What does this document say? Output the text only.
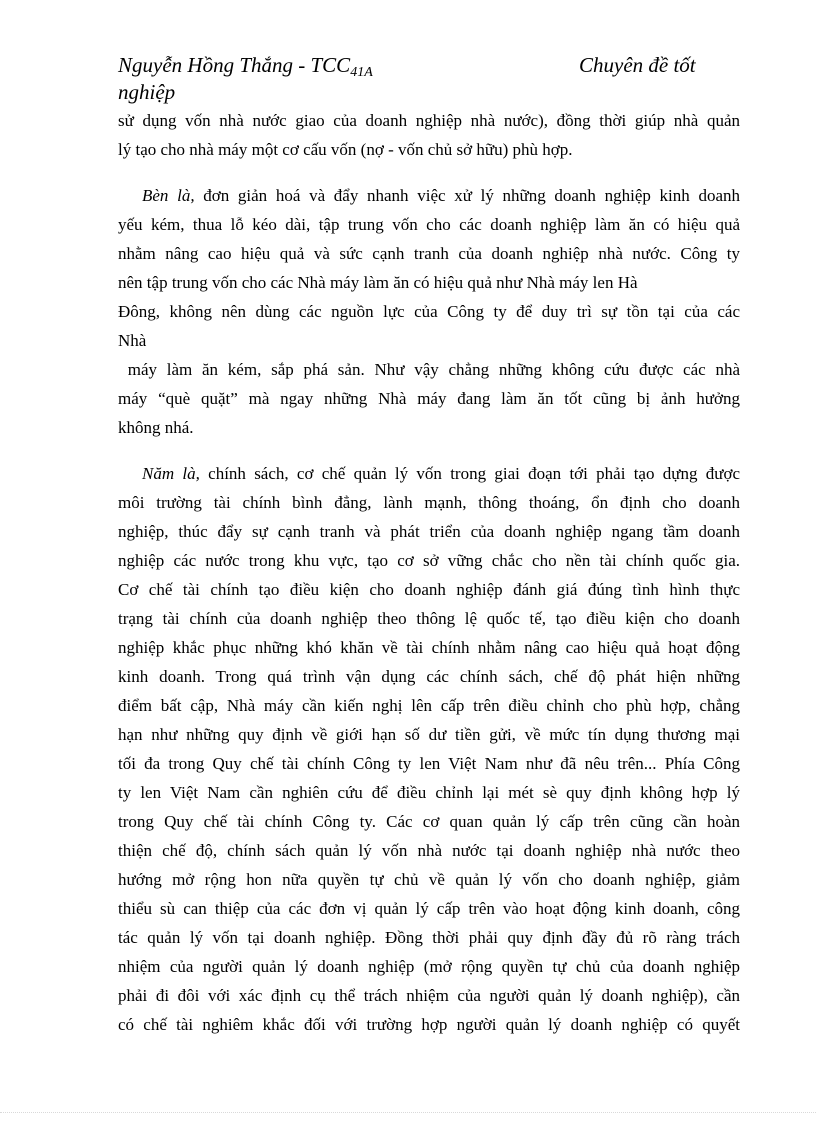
Nguyễn Hồng Thắng - $TCC_{41A}$	Chuyên đề tốt
nghiệp
sử dụng vốn nhà nước giao của doanh nghiệp nhà nước), đồng thời giúp nhà quản
lý tạo cho nhà máy một cơ cấu vốn (nợ - vốn chủ sở hữu) phù hợp.
Bèn là, đơn giản hoá và đẩy nhanh việc xử lý những doanh nghiệp kinh doanh
yếu kém, thua lỗ kéo dài, tập trung vốn cho các doanh nghiệp làm ăn có hiệu quả
nhằm nâng cao hiệu quả và sức cạnh tranh của doanh nghiệp nhà nước. Công ty
nên tập trung vốn cho các Nhà máy làm ăn có hiệu quả như Nhà máy len Hà
Đông, không nên dùng các nguồn lực của Công ty để duy trì sự tồn tại của các
Nhà
máy làm ăn kém, sắp phá sản. Như vậy chẳng những không cứu được các nhà
máy “què quặt” mà ngay những Nhà máy đang làm ăn tốt cũng bị ảnh hưởng
không nhá.
Năm là, chính sách, cơ chế quản lý vốn trong giai đoạn tới phải tạo dựng được
môi trường tài chính bình đẳng, lành mạnh, thông thoáng, ổn định cho doanh
nghiệp, thúc đẩy sự cạnh tranh và phát triển của doanh nghiệp ngang tầm doanh
nghiệp các nước trong khu vực, tạo cơ sở vững chắc cho nền tài chính quốc gia.
Cơ chế tài chính tạo điều kiện cho doanh nghiệp đánh giá đúng tình hình thực
trạng tài chính của doanh nghiệp theo thông lệ quốc tế, tạo điều kiện cho doanh
nghiệp khắc phục những khó khăn về tài chính nhằm nâng cao hiệu quả hoạt động
kinh doanh. Trong quá trình vận dụng các chính sách, chế độ phát hiện những
điểm bất cập, Nhà máy cần kiến nghị lên cấp trên điều chỉnh cho phù hợp, chẳng
hạn như những quy định về giới hạn số dư tiền gửi, về mức tín dụng thương mại
tối đa trong Quy chế tài chính Công ty len Việt Nam như đã nêu trên... Phía Công
ty len Việt Nam cần nghiên cứu để điều chỉnh lại mét sè quy định không hợp lý
trong Quy chế tài chính Công ty. Các cơ quan quản lý cấp trên cũng cần hoàn
thiện chế độ, chính sách quản lý vốn nhà nước tại doanh nghiệp nhà nước theo
hướng mở rộng hon nữa quyền tự chủ về quản lý vốn cho doanh nghiệp, giảm
thiểu sù can thiệp của các đơn vị quản lý cấp trên vào hoạt động kinh doanh, công
tác quản lý vốn tại doanh nghiệp. Đồng thời phải quy định đầy đủ rõ ràng trách
nhiệm của người quản lý doanh nghiệp (mở rộng quyền tự chủ của doanh nghiệp
phải đi đôi với xác định cụ thể trách nhiệm của người quản lý doanh nghiệp), cần
có chế tài nghiêm khắc đối với trường hợp người quản lý doanh nghiệp có quyết
